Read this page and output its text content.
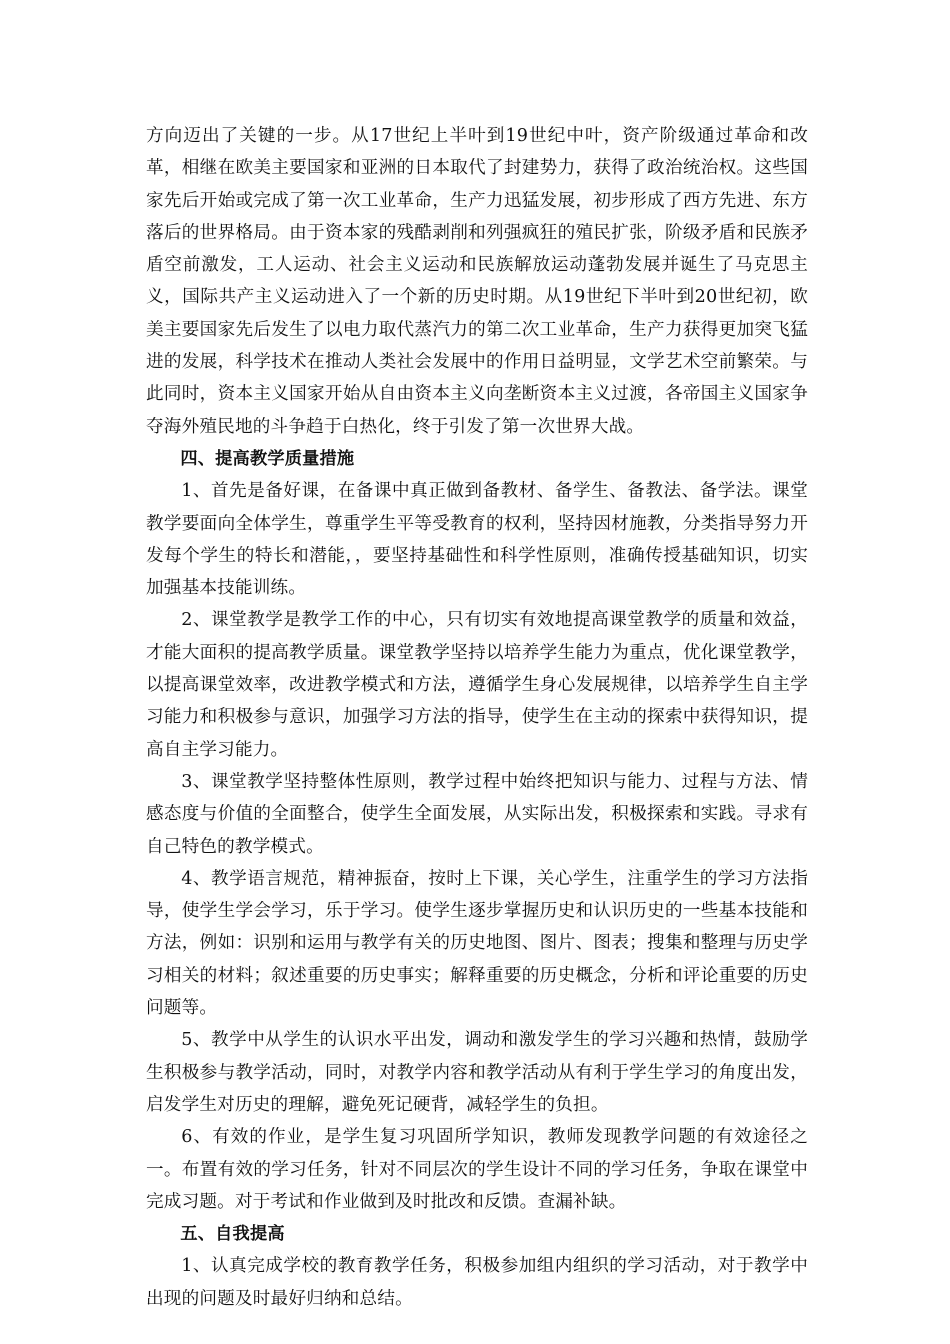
方向迈出了关键的一步。从17世纪上半叶到19世纪中叶，资产阶级通过革命和改革，相继在欧美主要国家和亚洲的日本取代了封建势力，获得了政治统治权。这些国家先后开始或完成了第一次工业革命，生产力迅猛发展，初步形成了西方先进、东方落后的世界格局。由于资本家的残酷剥削和列强疯狂的殖民扩张，阶级矛盾和民族矛盾空前激发，工人运动、社会主义运动和民族解放运动蓬勃发展并诞生了马克思主义，国际共产主义运动进入了一个新的历史时期。从19世纪下半叶到20世纪初，欧美主要国家先后发生了以电力取代蒸汽力的第二次工业革命，生产力获得更加突飞猛进的发展，科学技术在推动人类社会发展中的作用日益明显，文学艺术空前繁荣。与此同时，资本主义国家开始从自由资本主义向垄断资本主义过渡，各帝国主义国家争夺海外殖民地的斗争趋于白热化，终于引发了第一次世界大战。

四、提高教学质量措施

1、首先是备好课，在备课中真正做到备教材、备学生、备教法、备学法。课堂教学要面向全体学生，尊重学生平等受教育的权利，坚持因材施教，分类指导努力开发每个学生的特长和潜能，，要坚持基础性和科学性原则，准确传授基础知识，切实加强基本技能训练。

2、课堂教学是教学工作的中心，只有切实有效地提高课堂教学的质量和效益，才能大面积的提高教学质量。课堂教学坚持以培养学生能力为重点，优化课堂教学，以提高课堂效率，改进教学模式和方法，遵循学生身心发展规律，以培养学生自主学习能力和积极参与意识，加强学习方法的指导，使学生在主动的探索中获得知识，提高自主学习能力。

3、课堂教学坚持整体性原则，教学过程中始终把知识与能力、过程与方法、情感态度与价值的全面整合，使学生全面发展，从实际出发，积极探索和实践。寻求有自己特色的教学模式。

4、教学语言规范，精神振奋，按时上下课，关心学生，注重学生的学习方法指导，使学生学会学习，乐于学习。使学生逐步掌握历史和认识历史的一些基本技能和方法，例如：识别和运用与教学有关的历史地图、图片、图表；搜集和整理与历史学习相关的材料；叙述重要的历史事实；解释重要的历史概念，分析和评论重要的历史问题等。

5、教学中从学生的认识水平出发，调动和激发学生的学习兴趣和热情，鼓励学生积极参与教学活动，同时，对教学内容和教学活动从有利于学生学习的角度出发，启发学生对历史的理解，避免死记硬背，减轻学生的负担。

6、有效的作业，是学生复习巩固所学知识，教师发现教学问题的有效途径之一。布置有效的学习任务，针对不同层次的学生设计不同的学习任务，争取在课堂中完成习题。对于考试和作业做到及时批改和反馈。查漏补缺。

五、自我提高

1、认真完成学校的教育教学任务，积极参加组内组织的学习活动，对于教学中出现的问题及时最好归纳和总结。
